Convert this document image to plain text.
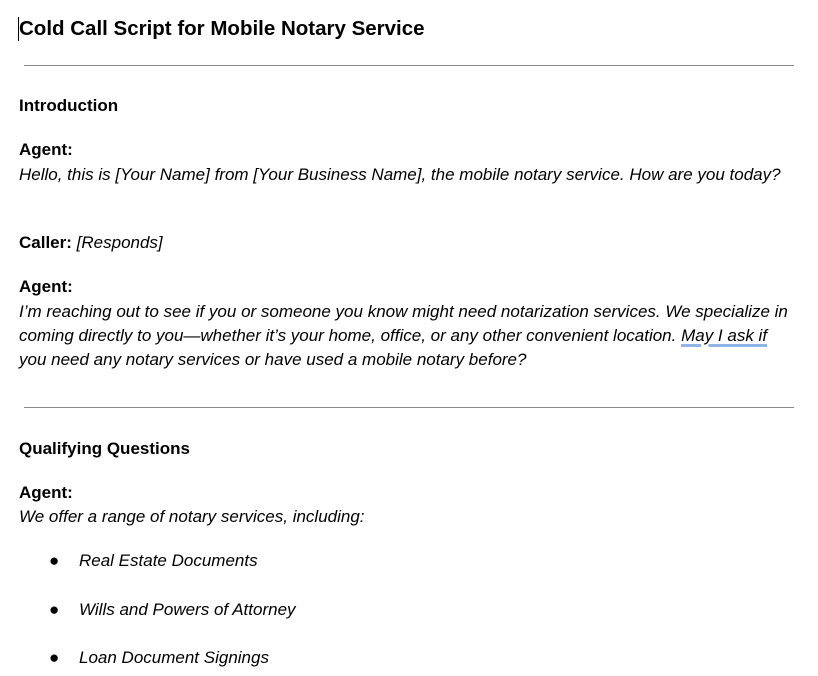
Cold Call Script for Mobile Notary Service
Introduction
Agent:
Hello, this is [Your Name] from [Your Business Name], the mobile notary service. How are you today?
Caller: [Responds]
Agent:
I’m reaching out to see if you or someone you know might need notarization services. We specialize in coming directly to you—whether it’s your home, office, or any other convenient location. May I ask if you need any notary services or have used a mobile notary before?
Qualifying Questions
Agent:
We offer a range of notary services, including:
● Real Estate Documents
● Wills and Powers of Attorney
● Loan Document Signings
